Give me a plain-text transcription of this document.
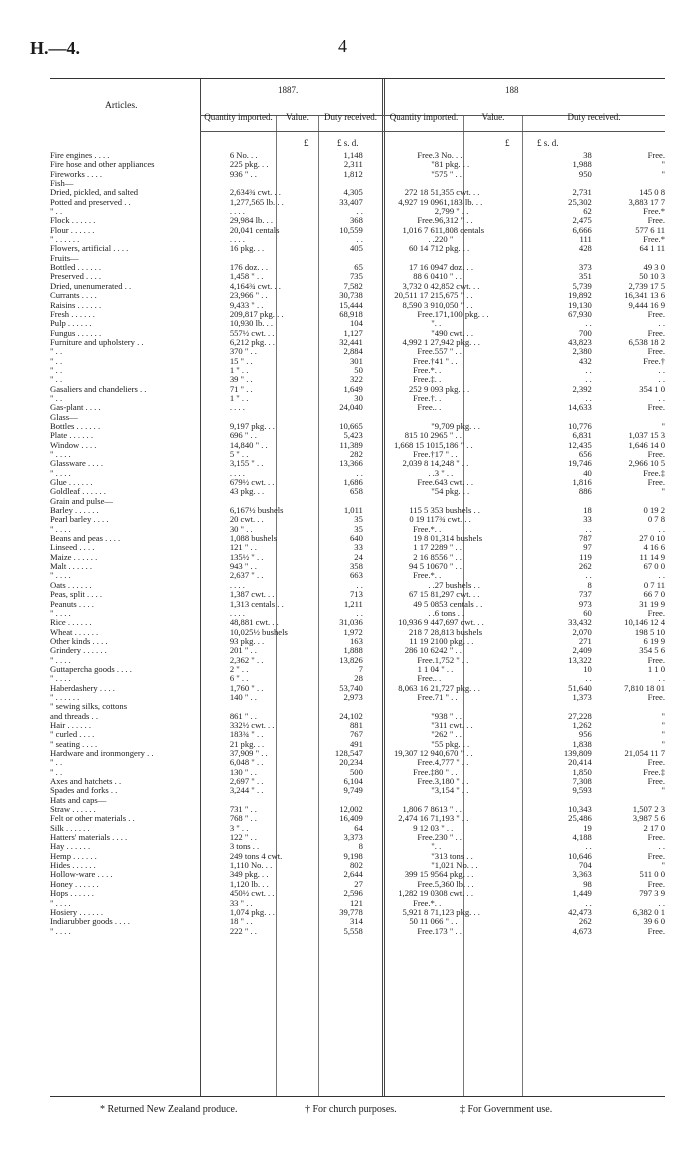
H.—4.	4
Articles.
1887.	188
Quantity imported.	Value.	Duty received.	Quantity imported.	Value.	Duty received.
£	£ s. d.	£	£ s. d.
Fire engines . . . .	6 No. . .	1,148	Free.	3 No. . .	38	Free.
Fire hose and other appliances	225 pkg. . .	2,311	"	81 pkg. . .	1,988	"
Fireworks . . . .	936 " . .	1,812	"	575 " . .	950	"
Fish—						
Dried, pickled, and salted	2,634¾ cwt. . .	4,305	272 18 5	1,355 cwt. . .	2,731	145 0 8
Potted and preserved . .	1,277,565 lb. . .	33,407	4,927 19 0	961,183 lb. . .	25,302	3,883 17 7
" . .	. . . .	. .		2,799 " . .	62	Free.*
Flock . . . . . .	29,984 lb. . .	368	Free.	96,312 " . .	2,475	Free.
Flour . . . . . .	20,041 centals	10,559	1,016 7 6	11,808 centals	6,666	577 6 11
" . . . . . .	. . . .	. .	. .	220 "	111	Free.*
Flowers, artificial . . . .	16 pkg. . .	405	60 14 7	12 pkg. . .	428	64 1 11
Fruits—						
Bottled . . . . . .	176 doz. . .	65	17 16 0	947 doz. . .	373	49 3 0
Preserved . . . .	1,458 " . .	735	88 6 0	410 " . .	351	50 10 3
Dried, unenumerated . .	4,164¾ cwt. . .	7,582	3,732 0 4	2,852 cwt. . .	5,739	2,739 17 5
Currants . . . .	23,966 " . .	30,738	20,511 17 2	15,675 " . .	19,892	16,341 13 6
Raisins . . . . . .	9,433 " . .	15,444	8,590 3 9	10,050 " . .	19,130	9,444 16 9
Fresh . . . . . .	209,817 pkg. . .	68,918	Free.	171,100 pkg. . .	67,930	Free.
Pulp . . . . . .	10,930 lb. . .	104	"	. .	. .	. .
Fungus . . . . . .	557½ cwt. . .	1,127	"	490 cwt. . .	700	Free.
Furniture and upholstery . .	6,212 pkg. . .	32,441	4,992 1 2	7,942 pkg. . .	43,823	6,538 18 2
" . .	370 " . .	2,884	Free.	557 " . .	2,380	Free.
" . .	15 " . .	301	Free.†	41 " . .	432	Free.†
" . .	1 " . .	50	Free.*	. .	. .	. .
" . .	39 " . .	322	Free.‡	. .	. .	. .
Gasaliers and chandeliers . .	71 " . .	1,649	252 9 0	93 pkg. . .	2,392	354 1 0
" . .	1 " . .	30	Free.†	. .	. .	. .
Gas-plant . . . .	. . . .	24,040	Free.	. .	14,633	Free.
Glass—						
Bottles . . . . . .	9,197 pkg. . .	10,665	"	9,709 pkg. . .	10,776	"
Plate . . . . . .	696 " . .	5,423	815 10 2	965 " . .	6,831	1,037 15 3
Window . . . .	14,840 " . .	11,389	1,668 15 10	15,186 " . .	12,435	1,646 14 0
" . . . .	5 " . .	282	Free.†	17 " . .	656	Free.
Glassware . . . .	3,155 " . .	13,366	2,039 8 1	4,248 " . .	19,746	2,966 10 5
" . . . .	. . . .	. .	. .	3 " . .	40	Free.‡
Glue . . . . . .	679½ cwt. . .	1,686	Free.	643 cwt. . .	1,816	Free.
Goldleaf . . . . . .	43 pkg. . .	658	"	54 pkg. . .	886	"
Grain and pulse—						
Barley . . . . . .	6,167½ bushels	1,011	115 5 3	53 bushels . .	18	0 19 2
Pearl barley . . . .	20 cwt. . .	35	0 19 11	7¾ cwt. . .	33	0 7 8
" . . . .	30 " . .	35	Free.*	. .	. .	. .
Beans and peas . . . .	1,088 bushels	640	19 8 0	1,314 bushels	787	27 0 10
Linseed . . . .	121 " . .	33	1 17 2	289 " . .	97	4 16 6
Maize . . . . . .	135½ " . .	24	2 16 8	556 " . .	119	11 14 9
Malt . . . . . .	943 " . .	358	94 5 10	670 " . .	262	67 0 0
" . . . .	2,637 " . .	663	Free.*	. .	. .	. .
Oats . . . . . .	. . . .	. .	. .	27 bushels . .	8	0 7 11
Peas, split . . . .	1,387 cwt. . .	713	67 15 8	1,297 cwt. . .	737	66 7 0
Peanuts . . . .	1,313 centals . .	1,211	49 5 0	853 centals . .	973	31 19 9
" . . . .	. . . .	. .	. .	6 tons . .	60	Free.
Rice . . . . . .	48,881 cwt. . .	31,036	10,936 9 4	47,697 cwt. . .	33,432	10,146 12 4
Wheat . . . . . .	10,025½ bushels	1,972	218 7 2	8,813 bushels	2,070	198 5 10
Other kinds . . . .	93 pkg. . .	163	11 19 2	100 pkg. . .	271	6 19 9
Grindery . . . . . .	201 " . .	1,888	286 10 6	242 " . .	2,409	354 5 6
" . . . .	2,362 " . .	13,826	Free.	1,752 " . .	13,322	Free.
Guttapercha goods . . . .	2 " . .	7	1 1 0	4 " . .	10	1 1 0
" . . . .	6 " . .	28	Free.	. .	. .	. .
Haberdashery . . . .	1,760 " . .	53,740	8,063 16 2	1,727 pkg. . .	51,640	7,810 18 01
" . . . . . .	140 " . .	2,973	Free.	71 " . .	1,373	Free.
" sewing silks, cottons						
and threads . .	861 " . .	24,102	"	938 " . .	27,228	"
Hair . . . . . .	332½ cwt. . .	881	"	311 cwt. . .	1,262	"
" curled . . . .	183¾ " . .	767	"	262 " . .	956	"
" seating . . . .	21 pkg. . .	491	"	55 pkg. . .	1,838	"
Hardware and ironmongery . .	37,909 " . .	128,547	19,307 12 9	40,670 " . .	139,809	21,054 11 7
" . .	6,048 " . .	20,234	Free.	4,777 " . .	20,414	Free.
" . .	130 " . .	500	Free.‡	80 " . .	1,850	Free.‡
Axes and hatchets . .	2,697 " . .	6,104	Free.	3,180 " . .	7,308	Free.
Spades and forks . .	3,244 " . .	9,749	"	3,154 " . .	9,593	"
Hats and caps—						
Straw . . . . . .	731 " . .	12,002	1,806 7 8	613 " . .	10,343	1,507 2 3
Felt or other materials . .	768 " . .	16,409	2,474 16 7	1,193 " . .	25,486	3,987 5 6
Silk . . . . . .	3 " . .	64	9 12 0	3 " . .	19	2 17 0
Hatters' materials . . . .	122 " . .	3,373	Free.	230 " . .	4,188	Free.
Hay . . . . . .	3 tons . .	8	"	. .	. .	. .
Hemp . . . . . .	249 tons 4 cwt.	9,198	"	313 tons . .	10,646	Free.
Hides . . . . . .	1,110 No. . .	802	"	1,021 No. . .	704	"
Hollow-ware . . . .	349 pkg. . .	2,644	399 15 9	564 pkg. . .	3,363	511 0 0
Honey . . . . . .	1,120 lb. . .	27	Free.	5,360 lb. . .	98	Free.
Hops . . . . . .	450½ cwt. . .	2,596	1,282 19 0	308 cwt. . .	1,449	797 3 9
" . . . .	33 " . .	121	Free.*	. .	. .	. .
Hosiery . . . . . .	1,074 pkg. . .	39,778	5,921 8 7	1,123 pkg. . .	42,473	6,382 0 1
Indiarubber goods . . . .	18 " . .	314	50 11 0	66 " . .	262	39 6 0
" . . . .	222 " . .	5,558	Free.	173 " . .	4,673	Free.
* Returned New Zealand produce.	† For church purposes.	‡ For Government use.
